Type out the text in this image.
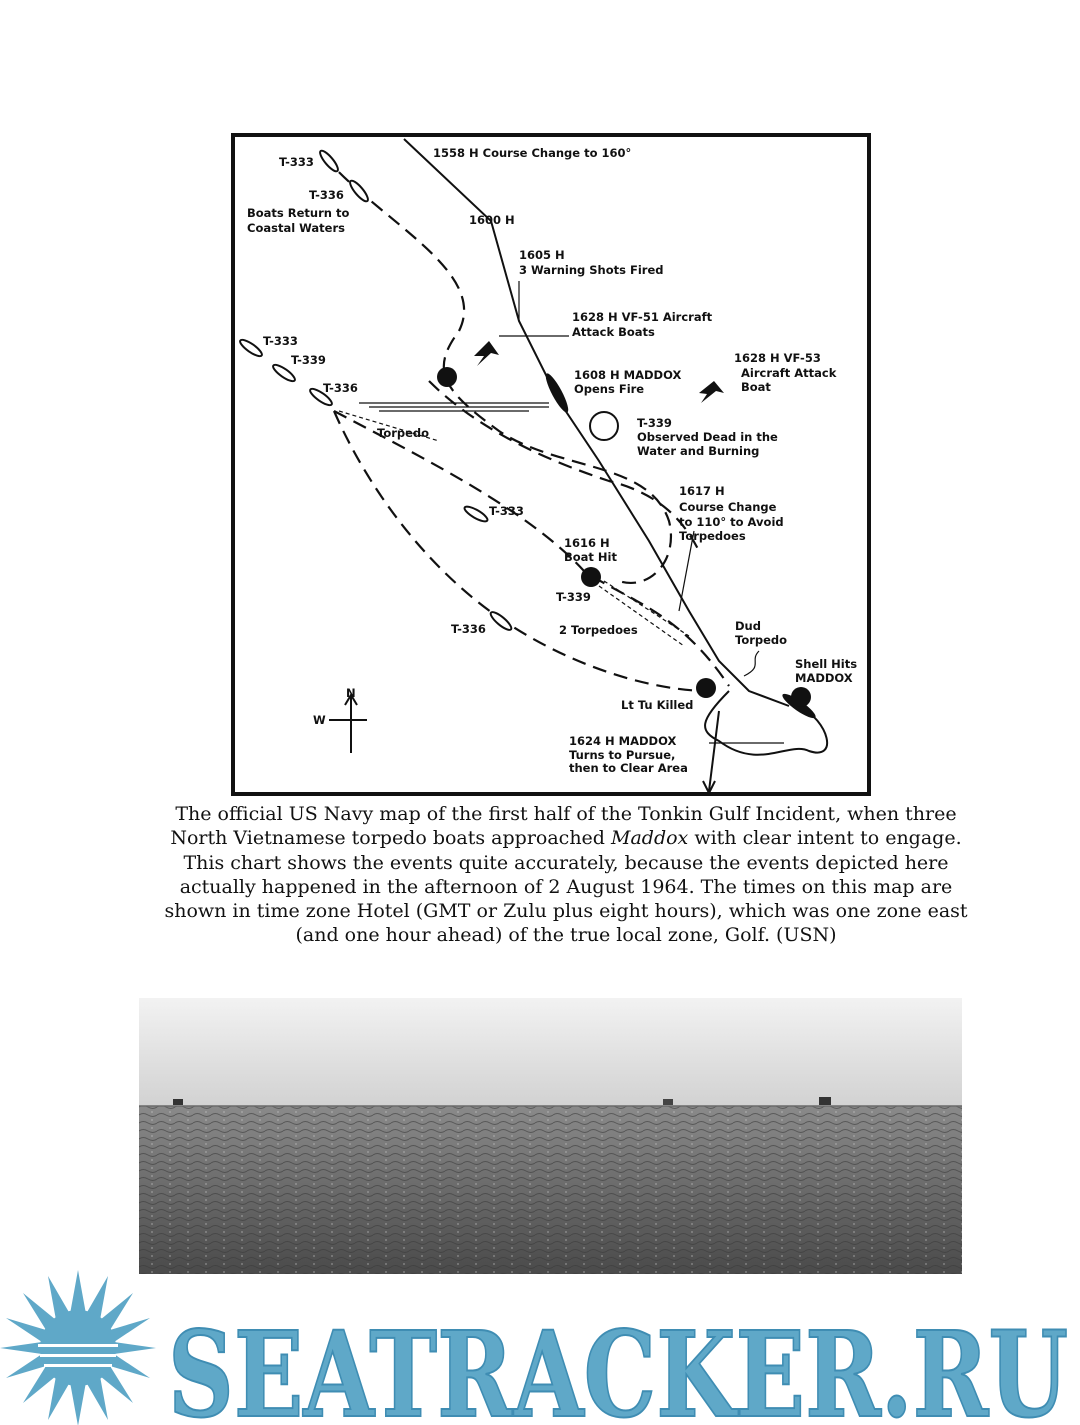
T-333
T-336
Boats Return to
Coastal Waters
1558 H Course Change to 160°
1600 H
1605 H
3 Warning Shots Fired
1628 H VF-51 Aircraft
Attack Boats
T-333
T-339
T-336
1608 H MADDOX
Opens Fire
1628 H VF-53
Aircraft Attack
Boat
Torpedo
T-339
Observed Dead in the
Water and Burning
1617 H
Course Change
to 110° to Avoid
Torpedoes
T-333
1616 H
Boat Hit
T-339
T-336	2 Torpedoes	Dud
Torpedo
Shell Hits
MADDOX
Lt Tu Killed
1624 H MADDOX
Turns to Pursue,
then to Clear Area
N
W
The official US Navy map of the first half of the Tonkin Gulf Incident, when three North Vietnamese torpedo boats approached Maddox with clear intent to engage. This chart shows the events quite accurately, because the events depicted here actually happened in the afternoon of 2 August 1964. The times on this map are shown in time zone Hotel (GMT or Zulu plus eight hours), which was one zone east (and one hour ahead) of the true local zone, Golf. (USN)
SEATRACKER.RU
